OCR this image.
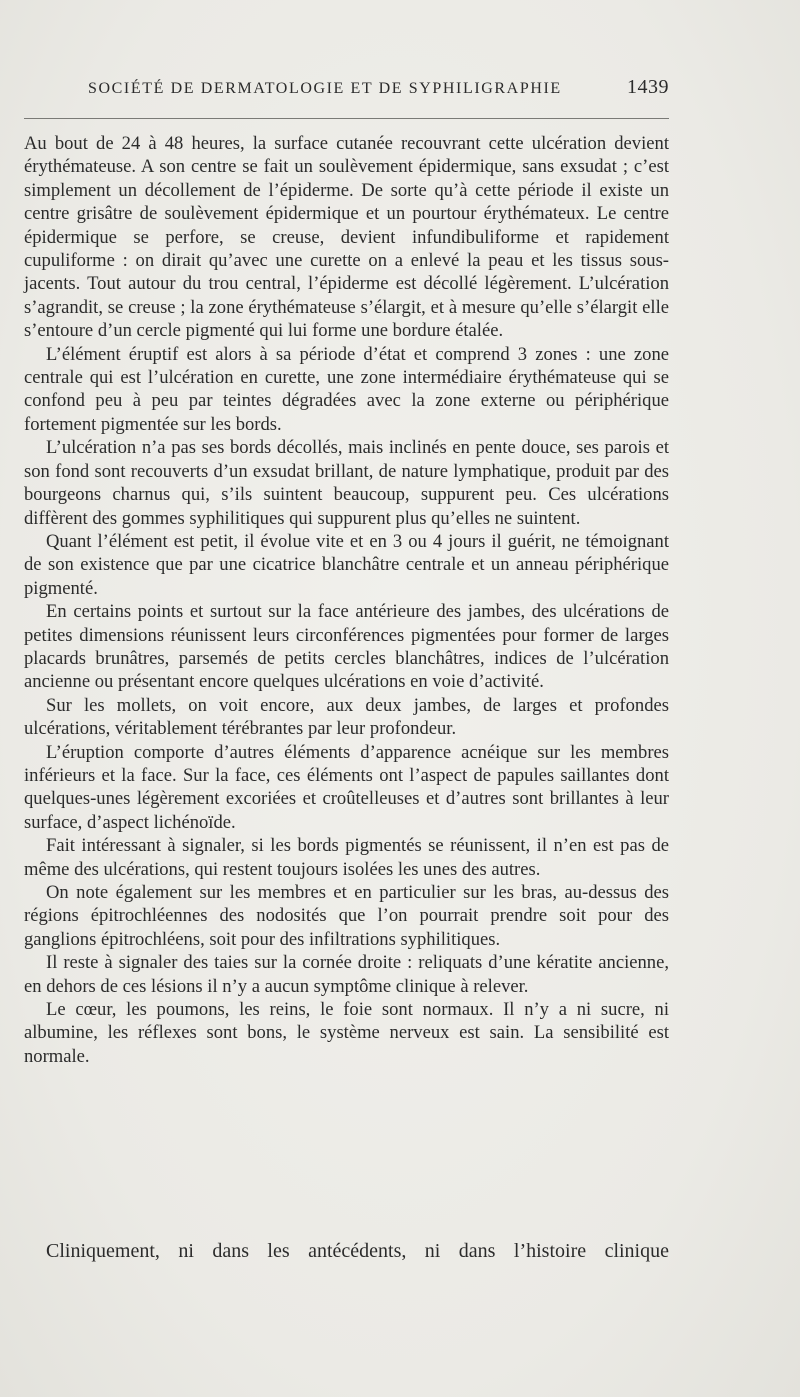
SOCIÉTÉ DE DERMATOLOGIE ET DE SYPHILIGRAPHIE	1439

Au bout de 24 à 48 heures, la surface cutanée recouvrant cette ulcération devient érythémateuse. A son centre se fait un soulèvement épidermique, sans exsudat ; c’est simplement un décollement de l’épiderme. De sorte qu’à cette période il existe un centre grisâtre de soulèvement épidermique et un pourtour érythémateux. Le centre épidermique se perfore, se creuse, devient infundibuliforme et rapidement cupuliforme : on dirait qu’avec une curette on a enlevé la peau et les tissus sous-jacents. Tout autour du trou central, l’épiderme est décollé légèrement. L’ulcération s’agrandit, se creuse ; la zone érythémateuse s’élargit, et à mesure qu’elle s’élargit elle s’entoure d’un cercle pigmenté qui lui forme une bordure étalée.

L’élément éruptif est alors à sa période d’état et comprend 3 zones : une zone centrale qui est l’ulcération en curette, une zone intermédiaire érythémateuse qui se confond peu à peu par teintes dégradées avec la zone externe ou périphérique fortement pigmentée sur les bords.

L’ulcération n’a pas ses bords décollés, mais inclinés en pente douce, ses parois et son fond sont recouverts d’un exsudat brillant, de nature lymphatique, produit par des bourgeons charnus qui, s’ils suintent beaucoup, suppurent peu. Ces ulcérations diffèrent des gommes syphilitiques qui suppurent plus qu’elles ne suintent.

Quant l’élément est petit, il évolue vite et en 3 ou 4 jours il guérit, ne témoignant de son existence que par une cicatrice blanchâtre centrale et un anneau périphérique pigmenté.

En certains points et surtout sur la face antérieure des jambes, des ulcérations de petites dimensions réunissent leurs circonférences pigmentées pour former de larges placards brunâtres, parsemés de petits cercles blanchâtres, indices de l’ulcération ancienne ou présentant encore quelques ulcérations en voie d’activité.

Sur les mollets, on voit encore, aux deux jambes, de larges et profondes ulcérations, véritablement térébrantes par leur profondeur.

L’éruption comporte d’autres éléments d’apparence acnéique sur les membres inférieurs et la face. Sur la face, ces éléments ont l’aspect de papules saillantes dont quelques-unes légèrement excoriées et croûtelleuses et d’autres sont brillantes à leur surface, d’aspect lichénoïde.

Fait intéressant à signaler, si les bords pigmentés se réunissent, il n’en est pas de même des ulcérations, qui restent toujours isolées les unes des autres.

On note également sur les membres et en particulier sur les bras, au-dessus des régions épitrochléennes des nodosités que l’on pourrait prendre soit pour des ganglions épitrochléens, soit pour des infiltrations syphilitiques.

Il reste à signaler des taies sur la cornée droite : reliquats d’une kératite ancienne, en dehors de ces lésions il n’y a aucun symptôme clinique à relever.

Le cœur, les poumons, les reins, le foie sont normaux. Il n’y a ni sucre, ni albumine, les réflexes sont bons, le système nerveux est sain. La sensibilité est normale.

Cliniquement, ni dans les antécédents, ni dans l’histoire clinique
